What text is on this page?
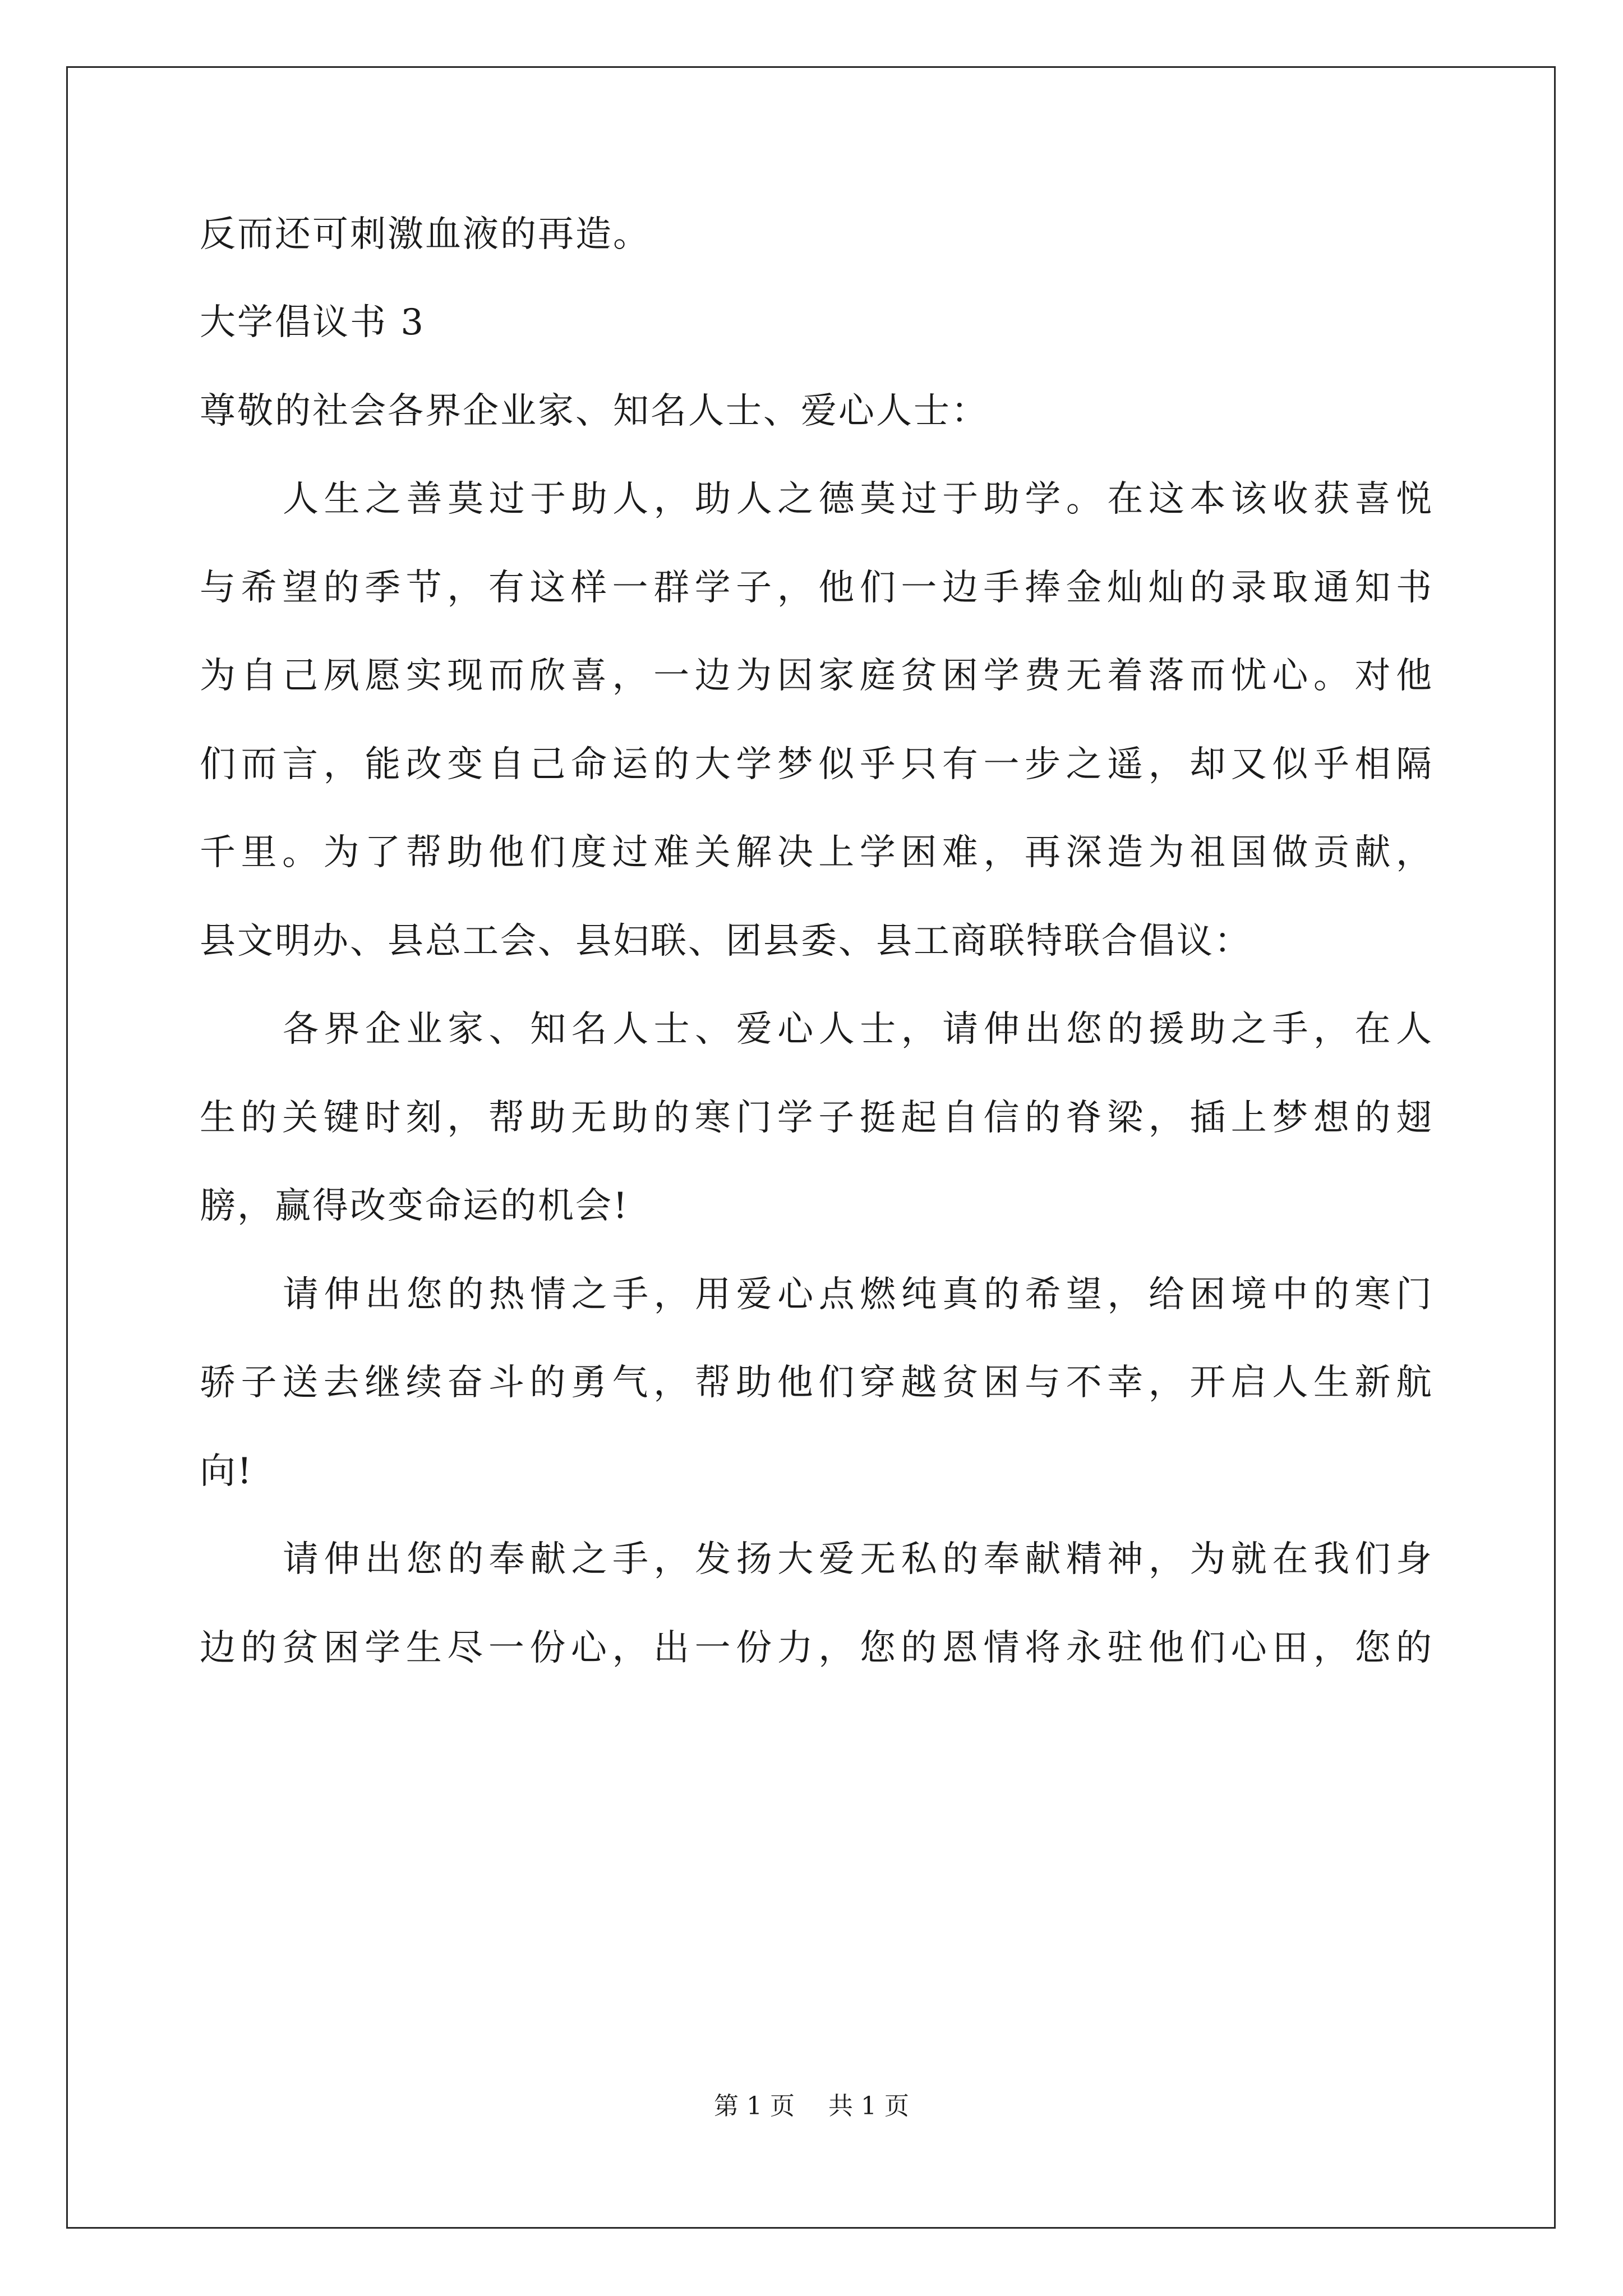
反而还可刺激血液的再造。
大学倡议书 3
尊敬的社会各界企业家、知名人士、爱心人士：
人生之善莫过于助人，助人之德莫过于助学。在这本该收获喜悦
与希望的季节，有这样一群学子，他们一边手捧金灿灿的录取通知书
为自己夙愿实现而欣喜，一边为因家庭贫困学费无着落而忧心。对他
们而言，能改变自己命运的大学梦似乎只有一步之遥，却又似乎相隔
千里。为了帮助他们度过难关解决上学困难，再深造为祖国做贡献，
县文明办、县总工会、县妇联、团县委、县工商联特联合倡议：
各界企业家、知名人士、爱心人士，请伸出您的援助之手，在人
生的关键时刻，帮助无助的寒门学子挺起自信的脊梁，插上梦想的翅
膀，赢得改变命运的机会!
请伸出您的热情之手，用爱心点燃纯真的希望，给困境中的寒门
骄子送去继续奋斗的勇气，帮助他们穿越贫困与不幸，开启人生新航
向!
请伸出您的奉献之手，发扬大爱无私的奉献精神，为就在我们身
边的贫困学生尽一份心，出一份力，您的恩情将永驻他们心田，您的
第 1 页 共 1 页
